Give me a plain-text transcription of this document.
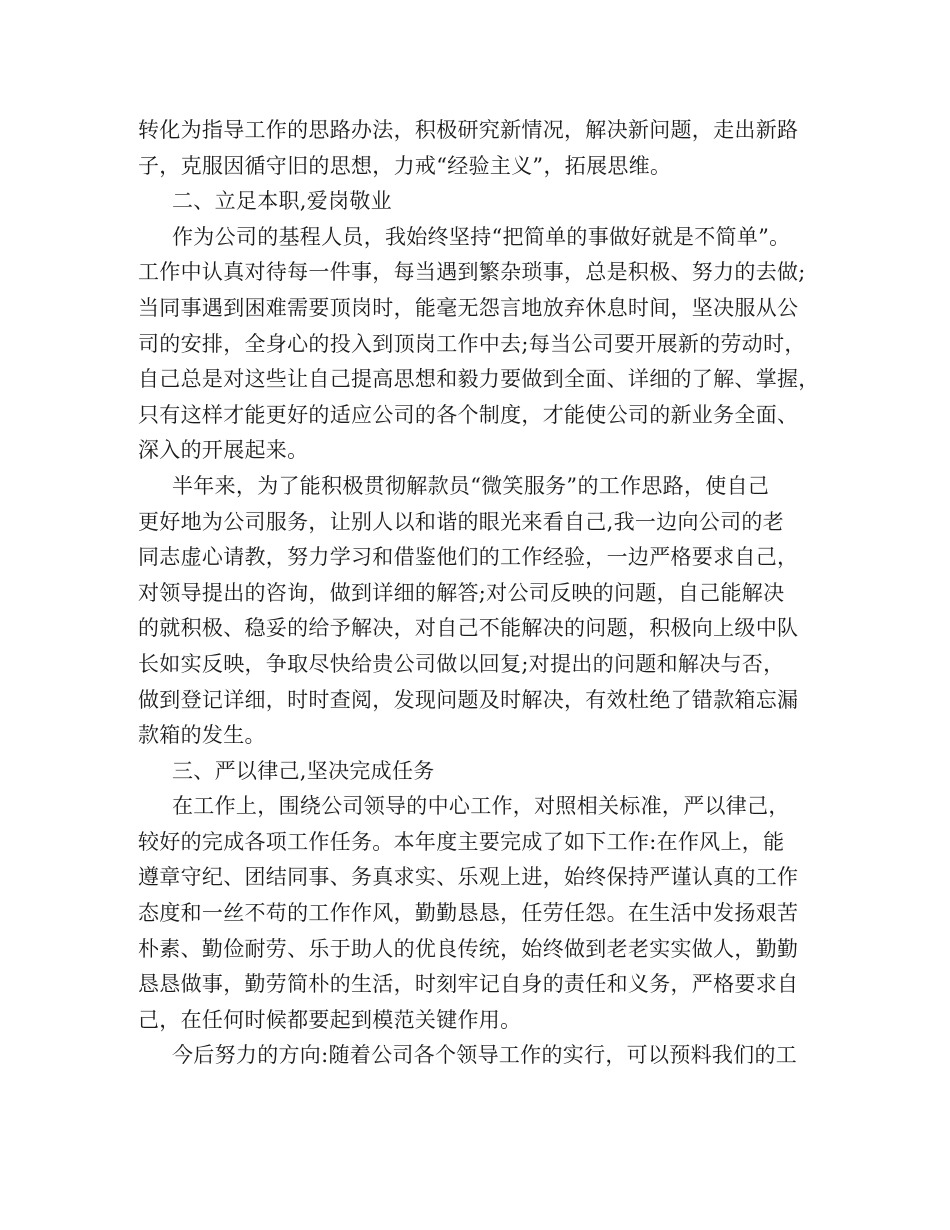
转化为指导工作的思路办法，积极研究新情况，解决新问题，走出新路
子，克服因循守旧的思想，力戒“经验主义”，拓展思维。
二、立足本职,爱岗敬业
作为公司的基程人员，我始终坚持“把简单的事做好就是不简单”。
工作中认真对待每一件事，每当遇到繁杂琐事，总是积极、努力的去做;
当同事遇到困难需要顶岗时，能毫无怨言地放弃休息时间，坚决服从公
司的安排，全身心的投入到顶岗工作中去;每当公司要开展新的劳动时，
自己总是对这些让自己提高思想和毅力要做到全面、详细的了解、掌握，
只有这样才能更好的适应公司的各个制度，才能使公司的新业务全面、
深入的开展起来。
半年来，为了能积极贯彻解款员“微笑服务”的工作思路，使自己
更好地为公司服务，让别人以和谐的眼光来看自己,我一边向公司的老
同志虚心请教，努力学习和借鉴他们的工作经验，一边严格要求自己，
对领导提出的咨询，做到详细的解答;对公司反映的问题，自己能解决
的就积极、稳妥的给予解决，对自己不能解决的问题，积极向上级中队
长如实反映，争取尽快给贵公司做以回复;对提出的问题和解决与否，
做到登记详细，时时查阅，发现问题及时解决，有效杜绝了错款箱忘漏
款箱的发生。
三、严以律己,坚决完成任务
在工作上，围绕公司领导的中心工作，对照相关标准，严以律己，
较好的完成各项工作任务。本年度主要完成了如下工作:在作风上，能
遵章守纪、团结同事、务真求实、乐观上进，始终保持严谨认真的工作
态度和一丝不苟的工作作风，勤勤恳恳，任劳任怨。在生活中发扬艰苦
朴素、勤俭耐劳、乐于助人的优良传统，始终做到老老实实做人，勤勤
恳恳做事，勤劳简朴的生活，时刻牢记自身的责任和义务，严格要求自
己，在任何时候都要起到模范关键作用。
今后努力的方向:随着公司各个领导工作的实行，可以预料我们的工
